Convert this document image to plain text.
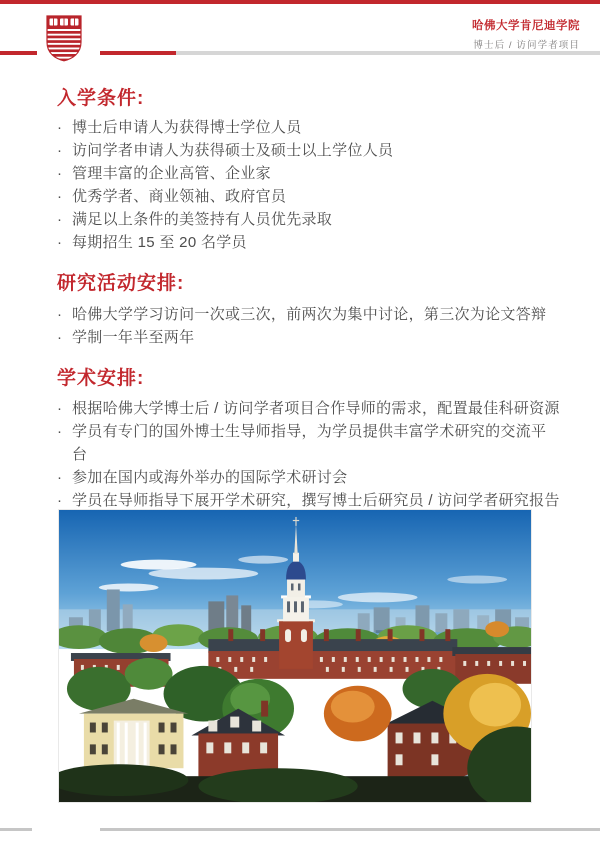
哈佛大学肯尼迪学院
博士后 / 访问学者项目
入学条件:
· 博士后申请人为获得博士学位人员
· 访问学者申请人为获得硕士及硕士以上学位人员
· 管理丰富的企业高管、企业家
· 优秀学者、商业领袖、政府官员
· 满足以上条件的美签持有人员优先录取
· 每期招生 15 至 20 名学员
研究活动安排:
· 哈佛大学学习访问一次或三次，前两次为集中讨论，第三次为论文答辩
· 学制一年半至两年
学术安排:
· 根据哈佛大学博士后 / 访问学者项目合作导师的需求，配置最佳科研资源
· 学员有专门的国外博士生导师指导，为学员提供丰富学术研究的交流平台
· 参加在国内或海外举办的国际学术研讨会
· 学员在导师指导下展开学术研究，撰写博士后研究员 / 访问学者研究报告
